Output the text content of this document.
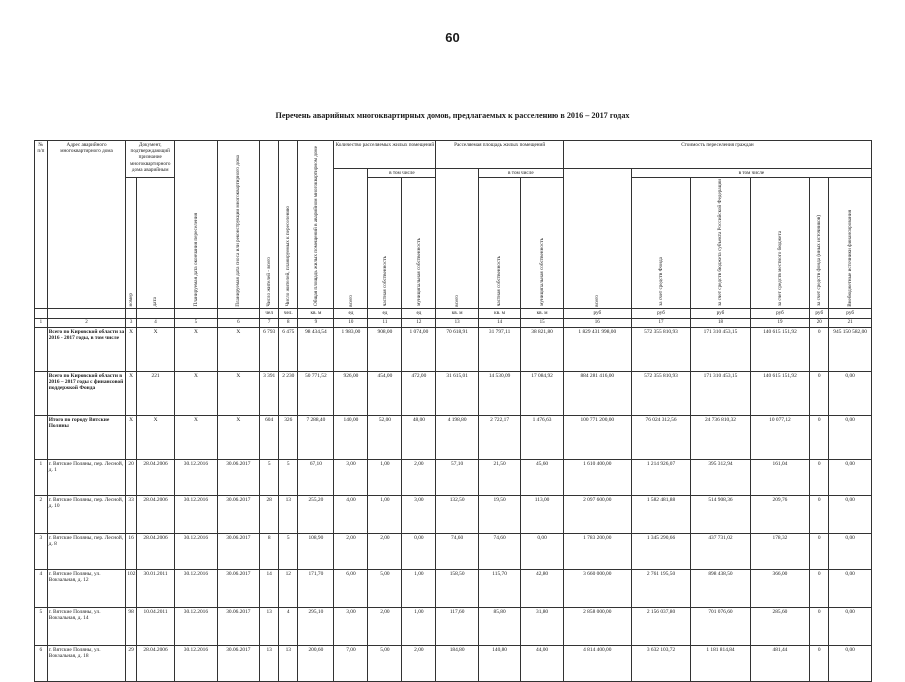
60
Перечень аварийных многоквартирных домов, предлагаемых к расселению в 2016 – 2017 годах
№ п/п	Адрес аварийного многоквартирного дома	Документ, подтверждающий признание многоквартирного дома аварийным		Планируемая дата окончания переселения	Планируемая дата сноса или реконструкции многоквартирного дома	Число жителей - всего	Число жителей, планируемых к переселению	Общая площадь жилых помещений в аварийном многоквартирном доме	Количество расселяемых жилых помещений			Расселяемая площадь жилых помещений			Стоимость переселения граждан					

									всего	в том числе		всего	в том числе		всего	в том числе				

		номер	дата							частная собственность	муниципальная собственность		частная собственность	муниципальная собственность		за счет средств Фонда	за счет средств бюджета субъекта Российской Федерации	за счет средств местного бюджета	за счет средств фонда (иных источников)	Внебюджетные источники финансирования

						чел	чел.	кв. м	ед	ед	ед	кв. м	кв. м	кв. м	руб	руб	руб	руб	руб	руб
1	2	3	4	5	6	7	8	9	10	11	12	13	14	15	16	17	18	19	20	21
	Всего по Кировской области за 2016 - 2017 годы, в том числе	X	X	X	X	6 793	6 475	98 434,54	1 983,00	908,00	1 074,00	70 618,91	31 797,11	38 821,80	1 829 431 998,00	572 355 810,93	171 310 453,15	140 615 151,92	0	945 150 582,00
	Всего по Кировской области в 2016 – 2017 годы с финансовой поддержкой Фонда	X	221	X	X	3 391	2 230	50 771,52	926,00	454,00	472,00	31 615,01	14 530,09	17 084,92	884 281 416,00	572 355 810,93	171 310 453,15	140 615 151,92	0	0,00
	Итого по городу Вятские Поляны	X	X	X	X	604	326	7 288,40	140,00	52,00	48,00	4 198,80	2 722,17	1 476,63	100 771 200,00	76 024 312,56	24 736 810,32	10 077,12	0	0,00
1	г. Вятские Поляны, пер. Лесной, д. 1	20	28.04.2006	30.12.2016	30.06.2017	5	5	67,10	3,00	1,00	2,00	57,10	21,50	45,60	1 610 400,00	1 214 926,07	395 312,94	161,04	0	0,00
2	г. Вятские Поляны, пер. Лесной, д. 10	33	28.04.2006	30.12.2016	30.06.2017	28	13	255,20	4,00	1,00	3,00	132,50	19,50	113,00	2 097 600,00	1 582 481,88	514 908,36	209,76	0	0,00
3	г. Вятские Поляны, пер. Лесной, д. 8	16	28.04.2006	30.12.2016	30.06.2017	8	5	108,90	2,00	2,00	0,00	74,60	74,60	0,00	1 783 200,00	1 345 290,66	437 731,02	178,32	0	0,00
4	г. Вятские Поляны, ул. Вокзальная, д. 12	102	30.01.2011	30.12.2016	30.06.2017	14	12	171,70	6,00	5,00	1,00	158,50	115,70	42,80	3 660 000,00	2 761 195,50	898 438,50	366,00	0	0,00
5	г. Вятские Поляны, ул. Вокзальная, д. 14	98	10.04.2011	30.12.2016	30.06.2017	13	4	295,10	3,00	2,00	1,00	117,60	85,80	31,80	2 858 000,00	2 156 037,80	701 076,60	285,60	0	0,00
6	г. Вятские Поляны, ул. Вокзальная, д. 18	29	28.04.2006	30.12.2016	30.06.2017	13	13	200,60	7,00	5,00	2,00	184,80	140,80	44,00	4 814 400,00	3 632 103,72	1 181 814,84	481,44	0	0,00
